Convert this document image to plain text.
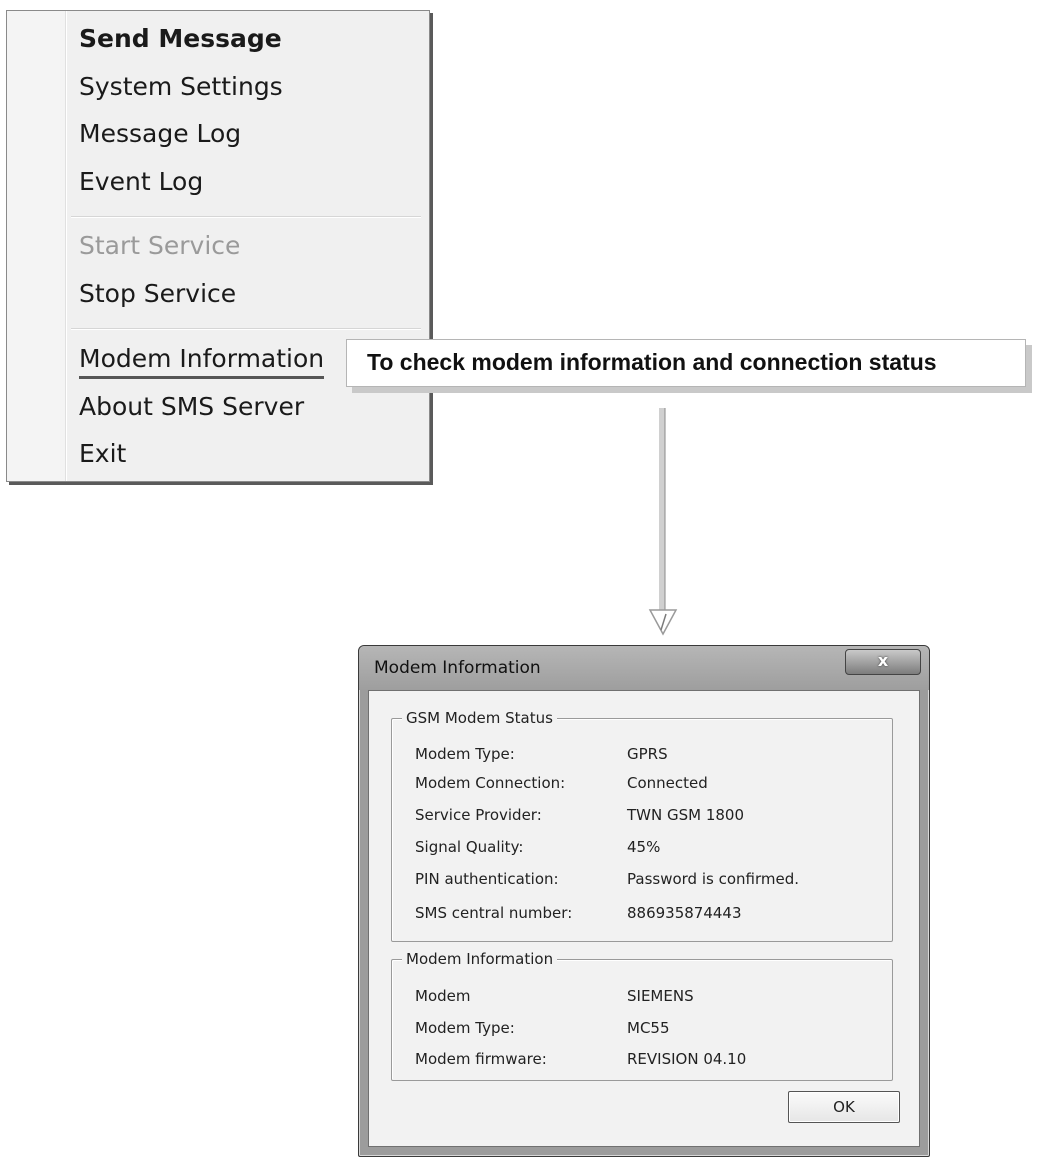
Send Message
System Settings
Message Log
Event Log
Start Service
Stop Service
Modem Information
About SMS Server
Exit
To check modem information and connection status
Modem Information	x
GSM Modem Status
Modem Type:	GPRS
Modem Connection:	Connected
Service Provider:	TWN GSM 1800
Signal Quality:	45%
PIN authentication:	Password is confirmed.
SMS central number:	886935874443
Modem Information
Modem	SIEMENS
Modem Type:	MC55
Modem firmware:	REVISION 04.10
OK
